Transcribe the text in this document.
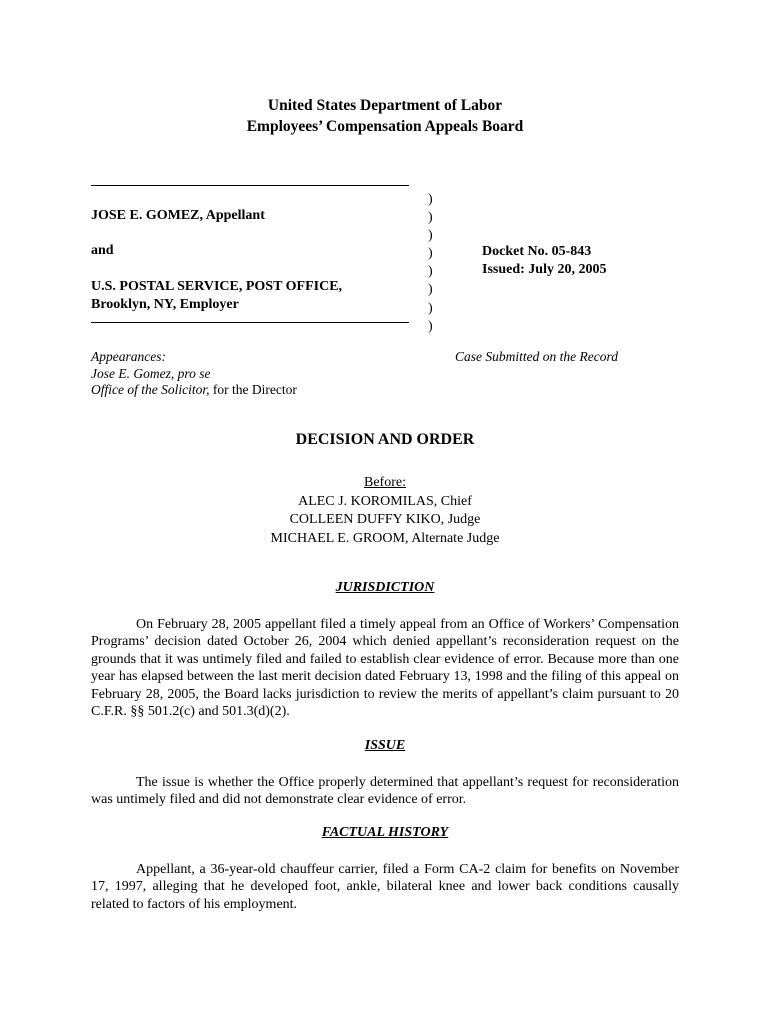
United States Department of Labor
Employees’ Compensation Appeals Board
JOSE E. GOMEZ, Appellant
and
U.S. POSTAL SERVICE, POST OFFICE,
Brooklyn, NY, Employer
)
)
)
)
)
)
)
)
Docket No. 05-843
Issued: July 20, 2005
Appearances:
Jose E. Gomez, pro se
Office of the Solicitor, for the Director
Case Submitted on the Record
DECISION AND ORDER
Before:
ALEC J. KOROMILAS, Chief
COLLEEN DUFFY KIKO, Judge
MICHAEL E. GROOM, Alternate Judge
JURISDICTION
On February 28, 2005 appellant filed a timely appeal from an Office of Workers’ Compensation Programs’ decision dated October 26, 2004 which denied appellant’s reconsideration request on the grounds that it was untimely filed and failed to establish clear evidence of error. Because more than one year has elapsed between the last merit decision dated February 13, 1998 and the filing of this appeal on February 28, 2005, the Board lacks jurisdiction to review the merits of appellant’s claim pursuant to 20 C.F.R. §§ 501.2(c) and 501.3(d)(2).
ISSUE
The issue is whether the Office properly determined that appellant’s request for reconsideration was untimely filed and did not demonstrate clear evidence of error.
FACTUAL HISTORY
Appellant, a 36-year-old chauffeur carrier, filed a Form CA-2 claim for benefits on November 17, 1997, alleging that he developed foot, ankle, bilateral knee and lower back conditions causally related to factors of his employment.
